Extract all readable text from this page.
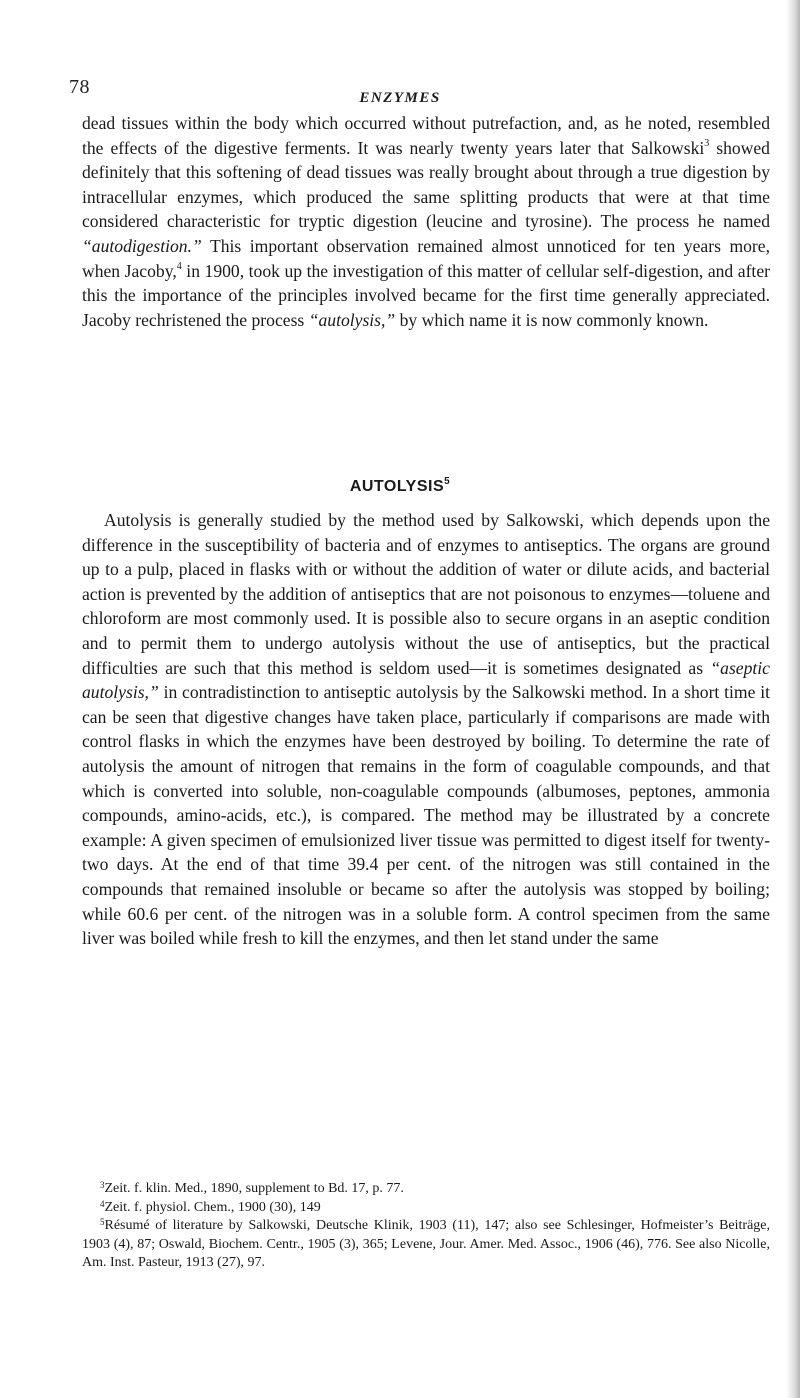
78	ENZYMES

dead tissues within the body which occurred without putrefaction, and, as he noted, resembled the effects of the digestive ferments. It was nearly twenty years later that Salkowski$^3$ showed definitely that this softening of dead tissues was really brought about through a true digestion by intracellular enzymes, which produced the same splitting products that were at that time considered characteristic for tryptic digestion (leucine and tyrosine). The process he named “autodigestion.” This important observation remained almost unnoticed for ten years more, when Jacoby,$^4$ in 1900, took up the investigation of this matter of cellular self-digestion, and after this the importance of the principles involved became for the first time generally appreciated. Jacoby rechristened the process “autolysis,” by which name it is now commonly known.

AUTOLYSIS$^5$

Autolysis is generally studied by the method used by Salkowski, which depends upon the difference in the susceptibility of bacteria and of enzymes to antiseptics. The organs are ground up to a pulp, placed in flasks with or without the addition of water or dilute acids, and bacterial action is prevented by the addition of antiseptics that are not poisonous to enzymes—toluene and chloroform are most commonly used. It is possible also to secure organs in an aseptic condition and to permit them to undergo autolysis without the use of antiseptics, but the practical difficulties are such that this method is seldom used—it is sometimes designated as “aseptic autolysis,” in contradistinction to antiseptic autolysis by the Salkowski method. In a short time it can be seen that digestive changes have taken place, particularly if comparisons are made with control flasks in which the enzymes have been destroyed by boiling. To determine the rate of autolysis the amount of nitrogen that remains in the form of coagulable compounds, and that which is converted into soluble, non-coagulable compounds (albumoses, peptones, ammonia compounds, amino-acids, etc.), is compared. The method may be illustrated by a concrete example: A given specimen of emulsionized liver tissue was permitted to digest itself for twenty-two days. At the end of that time 39.4 per cent. of the nitrogen was still contained in the compounds that remained insoluble or became so after the autolysis was stopped by boiling; while 60.6 per cent. of the nitrogen was in a soluble form. A control specimen from the same liver was boiled while fresh to kill the enzymes, and then let stand under the same

$^3$Zeit. f. klin. Med., 1890, supplement to Bd. 17, p. 77.

$^4$Zeit. f. physiol. Chem., 1900 (30), 149

$^5$Résumé of literature by Salkowski, Deutsche Klinik, 1903 (11), 147; also see Schlesinger, Hofmeister’s Beiträge, 1903 (4), 87; Oswald, Biochem. Centr., 1905 (3), 365; Levene, Jour. Amer. Med. Assoc., 1906 (46), 776. See also Nicolle, Am. Inst. Pasteur, 1913 (27), 97.
